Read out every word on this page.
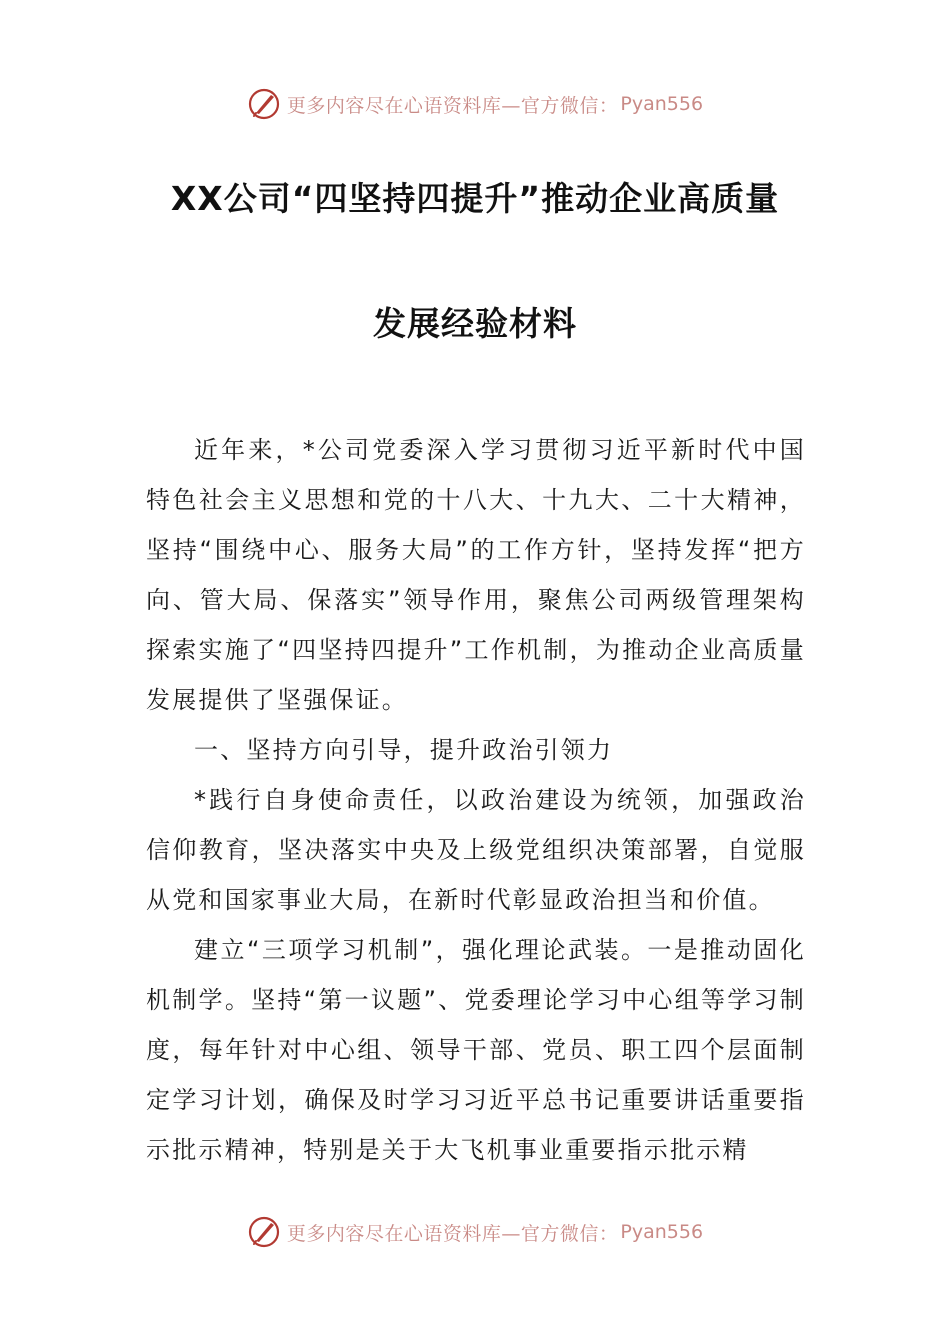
更多内容尽在心语资料库—官方微信： Pyan556
XX公司“四坚持四提升”推动企业高质量
发展经验材料

近年来，*公司党委深入学习贯彻习近平新时代中国特色社会主义思想和党的十八大、十九大、二十大精神，坚持“围绕中心、服务大局”的工作方针，坚持发挥“把方向、管大局、保落实”领导作用，聚焦公司两级管理架构探索实施了“四坚持四提升”工作机制，为推动企业高质量发展提供了坚强保证。

一、坚持方向引导，提升政治引领力

*践行自身使命责任，以政治建设为统领，加强政治信仰教育，坚决落实中央及上级党组织决策部署，自觉服从党和国家事业大局，在新时代彰显政治担当和价值。

建立“三项学习机制”，强化理论武装。一是推动固化机制学。坚持“第一议题”、党委理论学习中心组等学习制度，每年针对中心组、领导干部、党员、职工四个层面制定学习计划，确保及时学习习近平总书记重要讲话重要指示批示精神，特别是关于大飞机事业重要指示批示精

更多内容尽在心语资料库—官方微信： Pyan556
